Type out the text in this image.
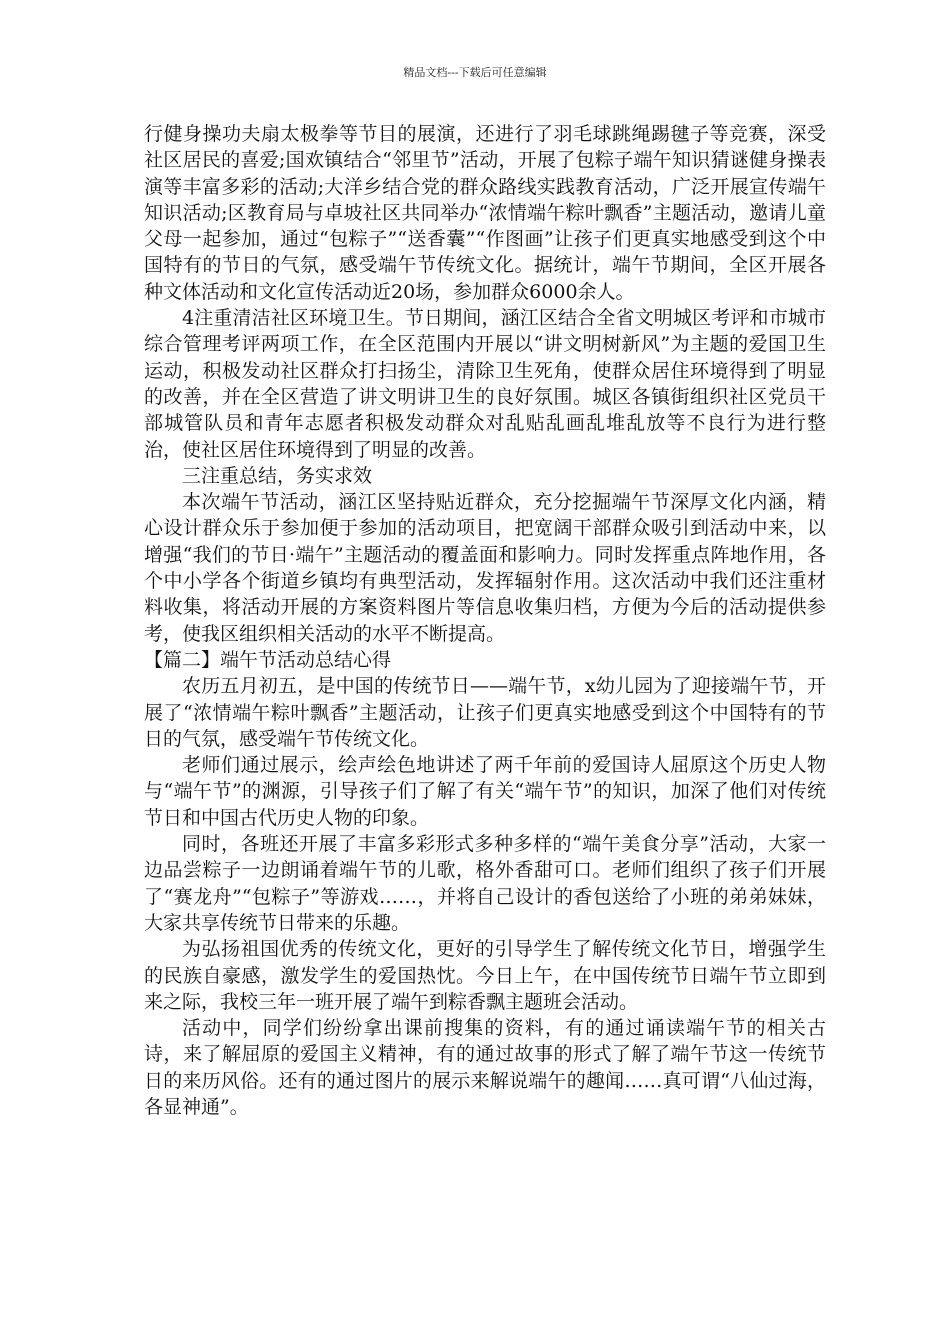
精品文档---下载后可任意编辑

行健身操功夫扇太极拳等节目的展演，还进行了羽毛球跳绳踢毽子等竞赛，深受社区居民的喜爱;国欢镇结合“邻里节”活动，开展了包粽子端午知识猜谜健身操表演等丰富多彩的活动;大洋乡结合党的群众路线实践教育活动，广泛开展宣传端午知识活动;区教育局与卓坡社区共同举办“浓情端午粽叶飘香”主题活动，邀请儿童父母一起参加，通过“包粽子”“送香囊”“作图画”让孩子们更真实地感受到这个中国特有的节日的气氛，感受端午节传统文化。据统计，端午节期间，全区开展各种文体活动和文化宣传活动近20场，参加群众6000余人。

4注重清洁社区环境卫生。节日期间，涵江区结合全省文明城区考评和市城市综合管理考评两项工作，在全区范围内开展以“讲文明树新风”为主题的爱国卫生运动，积极发动社区群众打扫扬尘，清除卫生死角，使群众居住环境得到了明显的改善，并在全区营造了讲文明讲卫生的良好氛围。城区各镇街组织社区党员干部城管队员和青年志愿者积极发动群众对乱贴乱画乱堆乱放等不良行为进行整治，使社区居住环境得到了明显的改善。

三注重总结，务实求效

本次端午节活动，涵江区坚持贴近群众，充分挖掘端午节深厚文化内涵，精心设计群众乐于参加便于参加的活动项目，把宽阔干部群众吸引到活动中来，以增强“我们的节日·端午”主题活动的覆盖面和影响力。同时发挥重点阵地作用，各个中小学各个街道乡镇均有典型活动，发挥辐射作用。这次活动中我们还注重材料收集，将活动开展的方案资料图片等信息收集归档，方便为今后的活动提供参考，使我区组织相关活动的水平不断提高。

【篇二】端午节活动总结心得

农历五月初五，是中国的传统节日——端午节，x幼儿园为了迎接端午节，开展了“浓情端午粽叶飘香”主题活动，让孩子们更真实地感受到这个中国特有的节日的气氛，感受端午节传统文化。

老师们通过展示，绘声绘色地讲述了两千年前的爱国诗人屈原这个历史人物与“端午节”的渊源，引导孩子们了解了有关“端午节”的知识，加深了他们对传统节日和中国古代历史人物的印象。

同时，各班还开展了丰富多彩形式多种多样的“端午美食分享”活动，大家一边品尝粽子一边朗诵着端午节的儿歌，格外香甜可口。老师们组织了孩子们开展了“赛龙舟”“包粽子”等游戏……，并将自己设计的香包送给了小班的弟弟妹妹，大家共享传统节日带来的乐趣。

为弘扬祖国优秀的传统文化，更好的引导学生了解传统文化节日，增强学生的民族自豪感，激发学生的爱国热忱。今日上午，在中国传统节日端午节立即到来之际，我校三年一班开展了端午到粽香飘主题班会活动。

活动中，同学们纷纷拿出课前搜集的资料，有的通过诵读端午节的相关古诗，来了解屈原的爱国主义精神，有的通过故事的形式了解了端午节这一传统节日的来历风俗。还有的通过图片的展示来解说端午的趣闻……真可谓“八仙过海，各显神通”。
